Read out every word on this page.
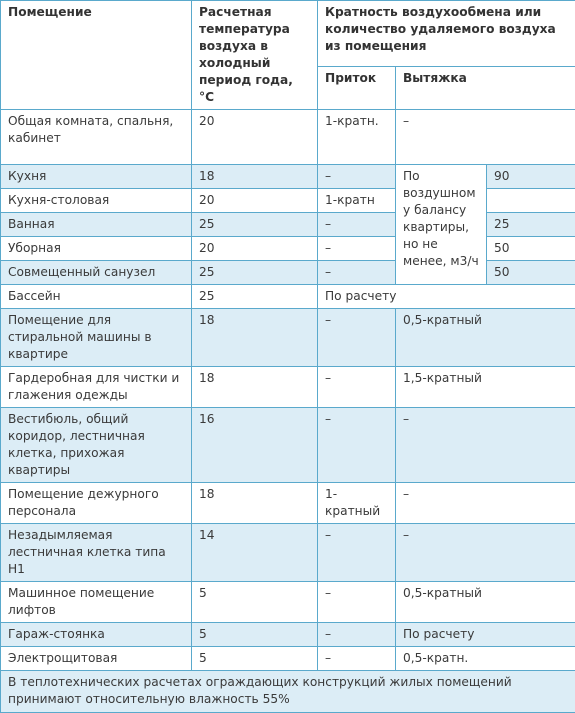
Помещение	Расчетная температура воздуха в холодный период года, °С	Кратность воздухообмена или количество удаляемого воздуха из помещения		
		Приток	Вытяжка	
Общая комната, спальня, кабинет	20	1-кратн.	–	
Кухня	18	–	По воздушному балансу квартиры, но не менее, м3/ч	90
Кухня-столовая	20	1-кратн		
Ванная	25	–		25
Уборная	20	–		50
Совмещенный санузел	25	–		50
Бассейн	25	По расчету		
Помещение для стиральной машины в квартире	18	–	0,5-кратный	
Гардеробная для чистки и глажения одежды	18	–	1,5-кратный	
Вестибюль, общий коридор, лестничная клетка, прихожая квартиры	16	–	–	
Помещение дежурного персонала	18	1-кратный	–	
Незадымляемая лестничная клетка типа Н1	14	–	–	
Машинное помещение лифтов	5	–	0,5-кратный	
Гараж-стоянка	5	–	По расчету	
Электрощитовая	5	–	0,5-кратн.	
В теплотехнических расчетах ограждающих конструкций жилых помещений принимают относительную влажность 55%				
